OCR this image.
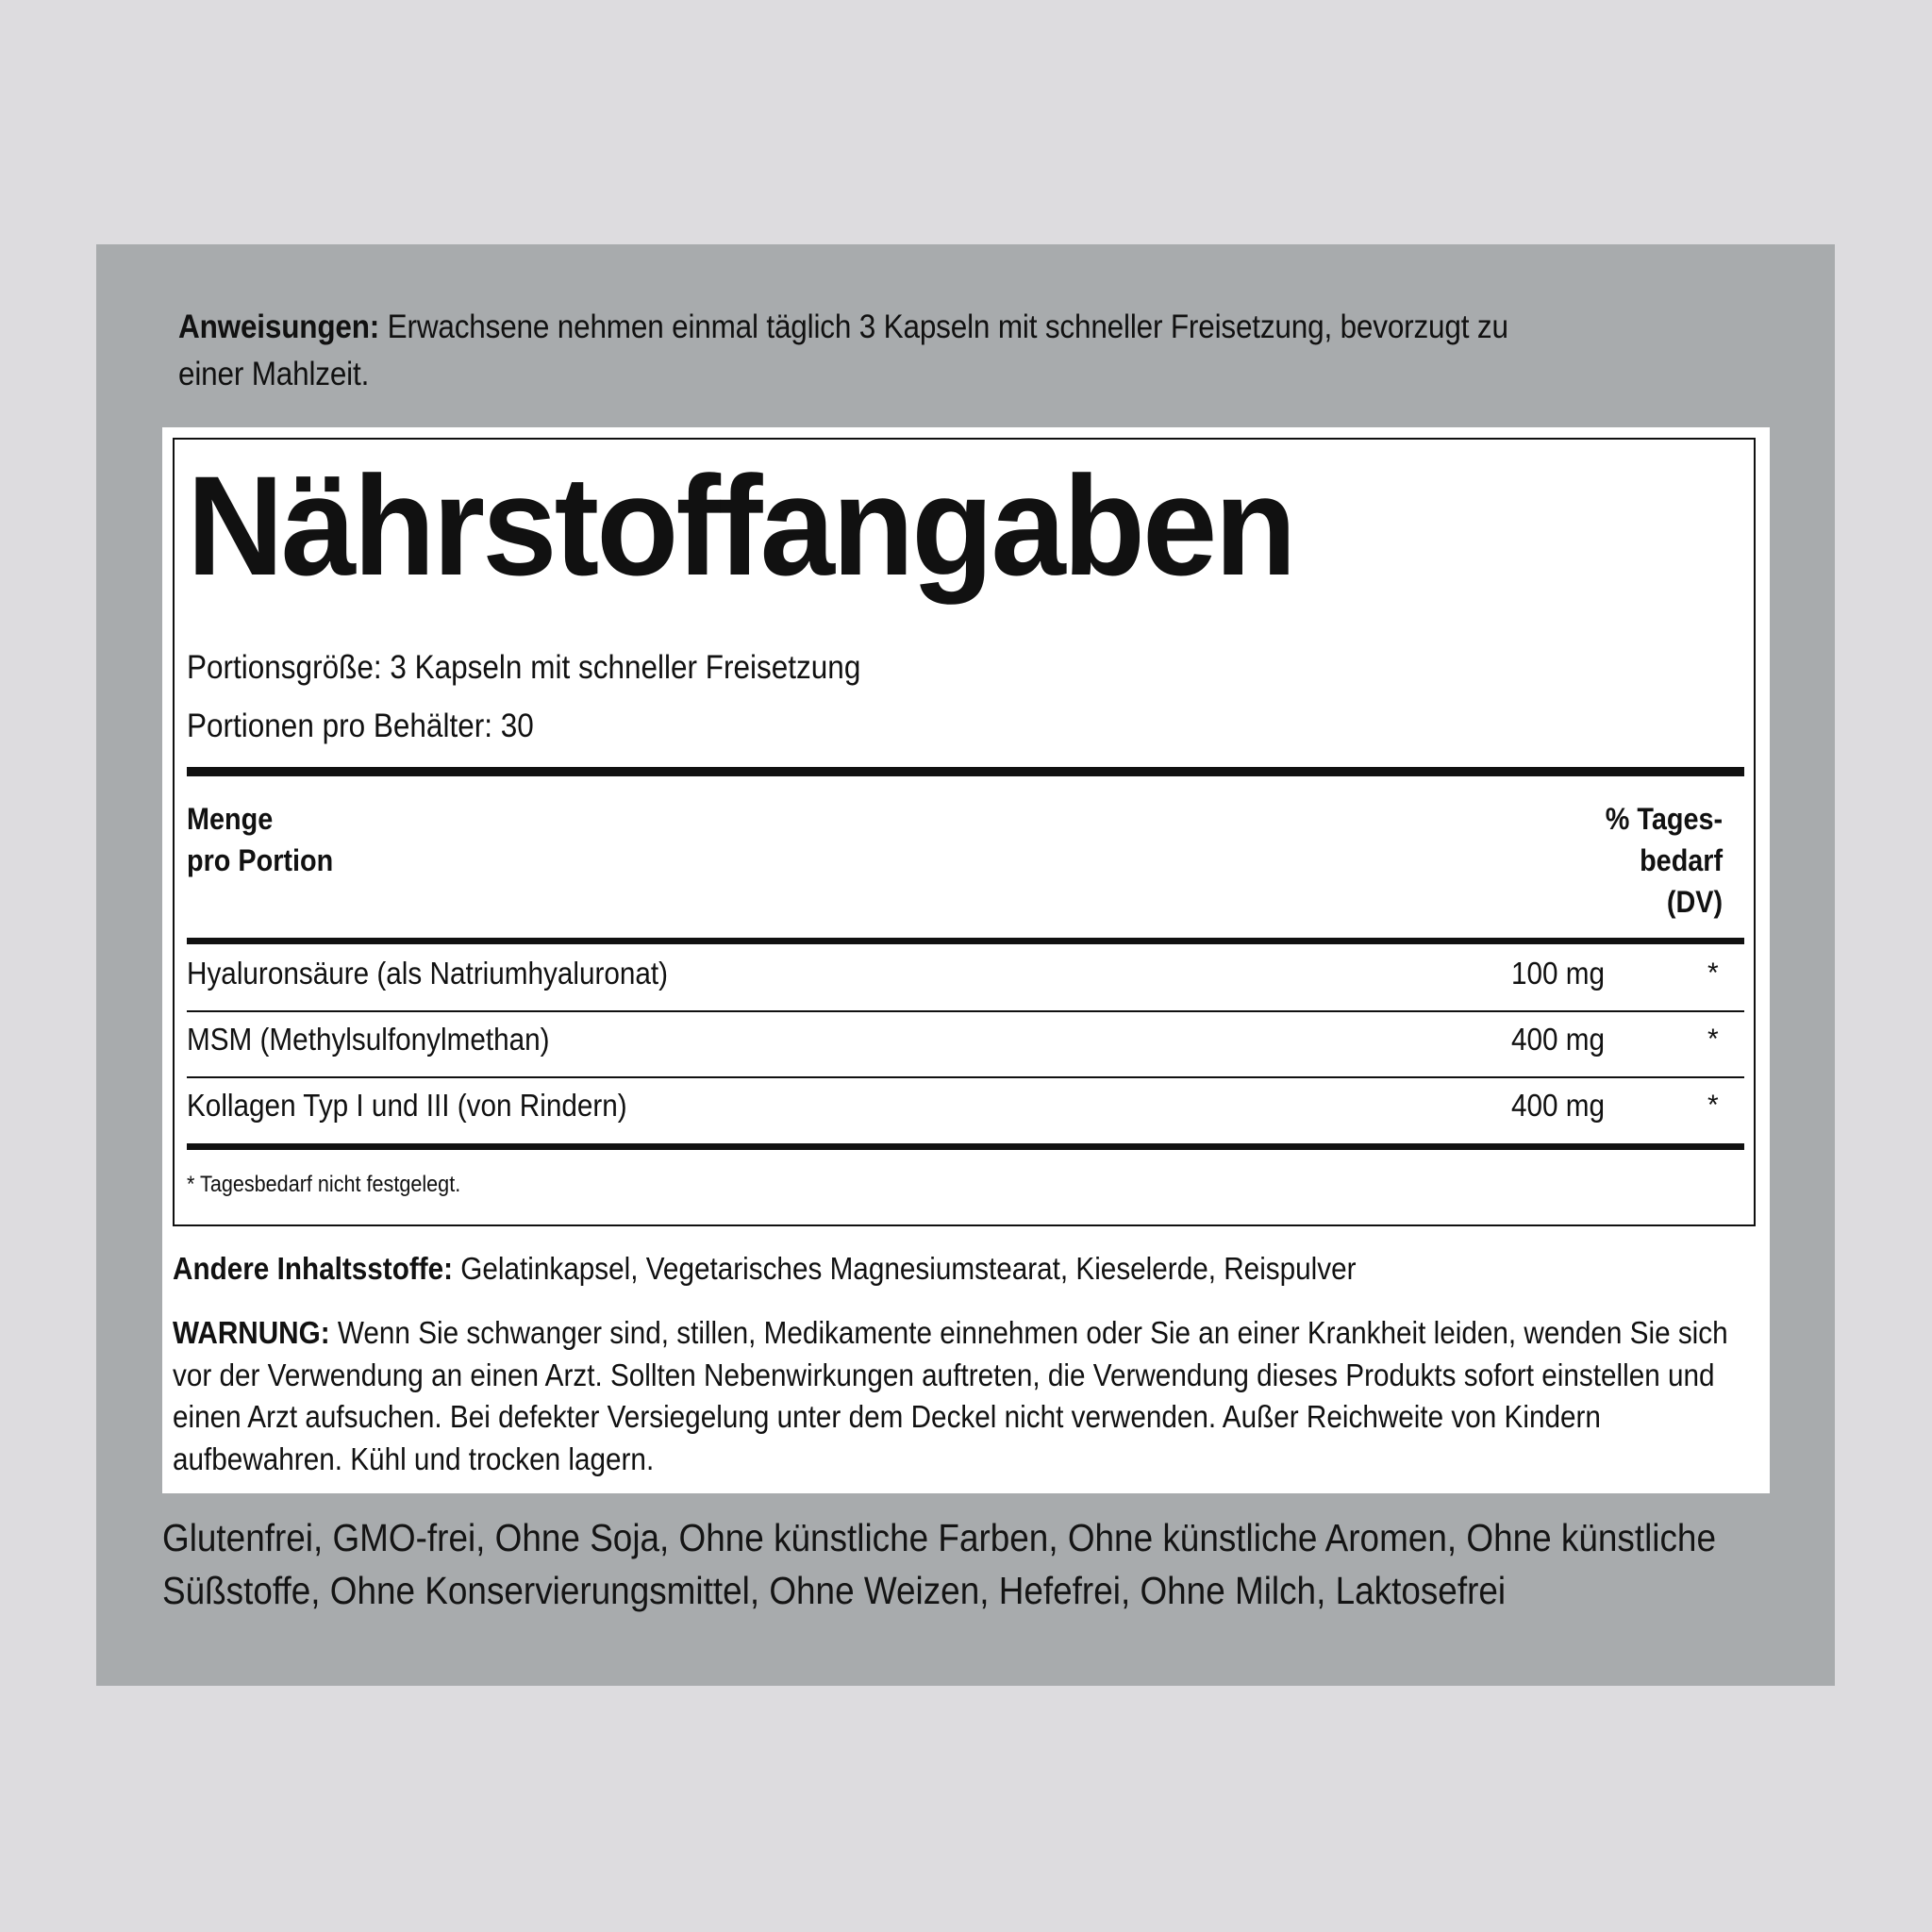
Anweisungen: Erwachsene nehmen einmal täglich 3 Kapseln mit schneller Freisetzung, bevorzugt zu einer Mahlzeit.
Nährstoffangaben
Portionsgröße: 3 Kapseln mit schneller Freisetzung
Portionen pro Behälter: 30
Menge
pro Portion
% Tages-
bedarf
(DV)
Hyaluronsäure (als Natriumhyaluronat)	100 mg	*
MSM (Methylsulfonylmethan)	400 mg	*
Kollagen Typ I und III (von Rindern)	400 mg	*
* Tagesbedarf nicht festgelegt.
Andere Inhaltsstoffe: Gelatinkapsel, Vegetarisches Magnesiumstearat, Kieselerde, Reispulver
WARNUNG: Wenn Sie schwanger sind, stillen, Medikamente einnehmen oder Sie an einer Krankheit leiden, wenden Sie sich vor der Verwendung an einen Arzt. Sollten Nebenwirkungen auftreten, die Verwendung dieses Produkts sofort einstellen und einen Arzt aufsuchen. Bei defekter Versiegelung unter dem Deckel nicht verwenden. Außer Reichweite von Kindern aufbewahren. Kühl und trocken lagern.
Glutenfrei, GMO-frei, Ohne Soja, Ohne künstliche Farben, Ohne künstliche Aromen, Ohne künstliche Süßstoffe, Ohne Konservierungsmittel, Ohne Weizen, Hefefrei, Ohne Milch, Laktosefrei
